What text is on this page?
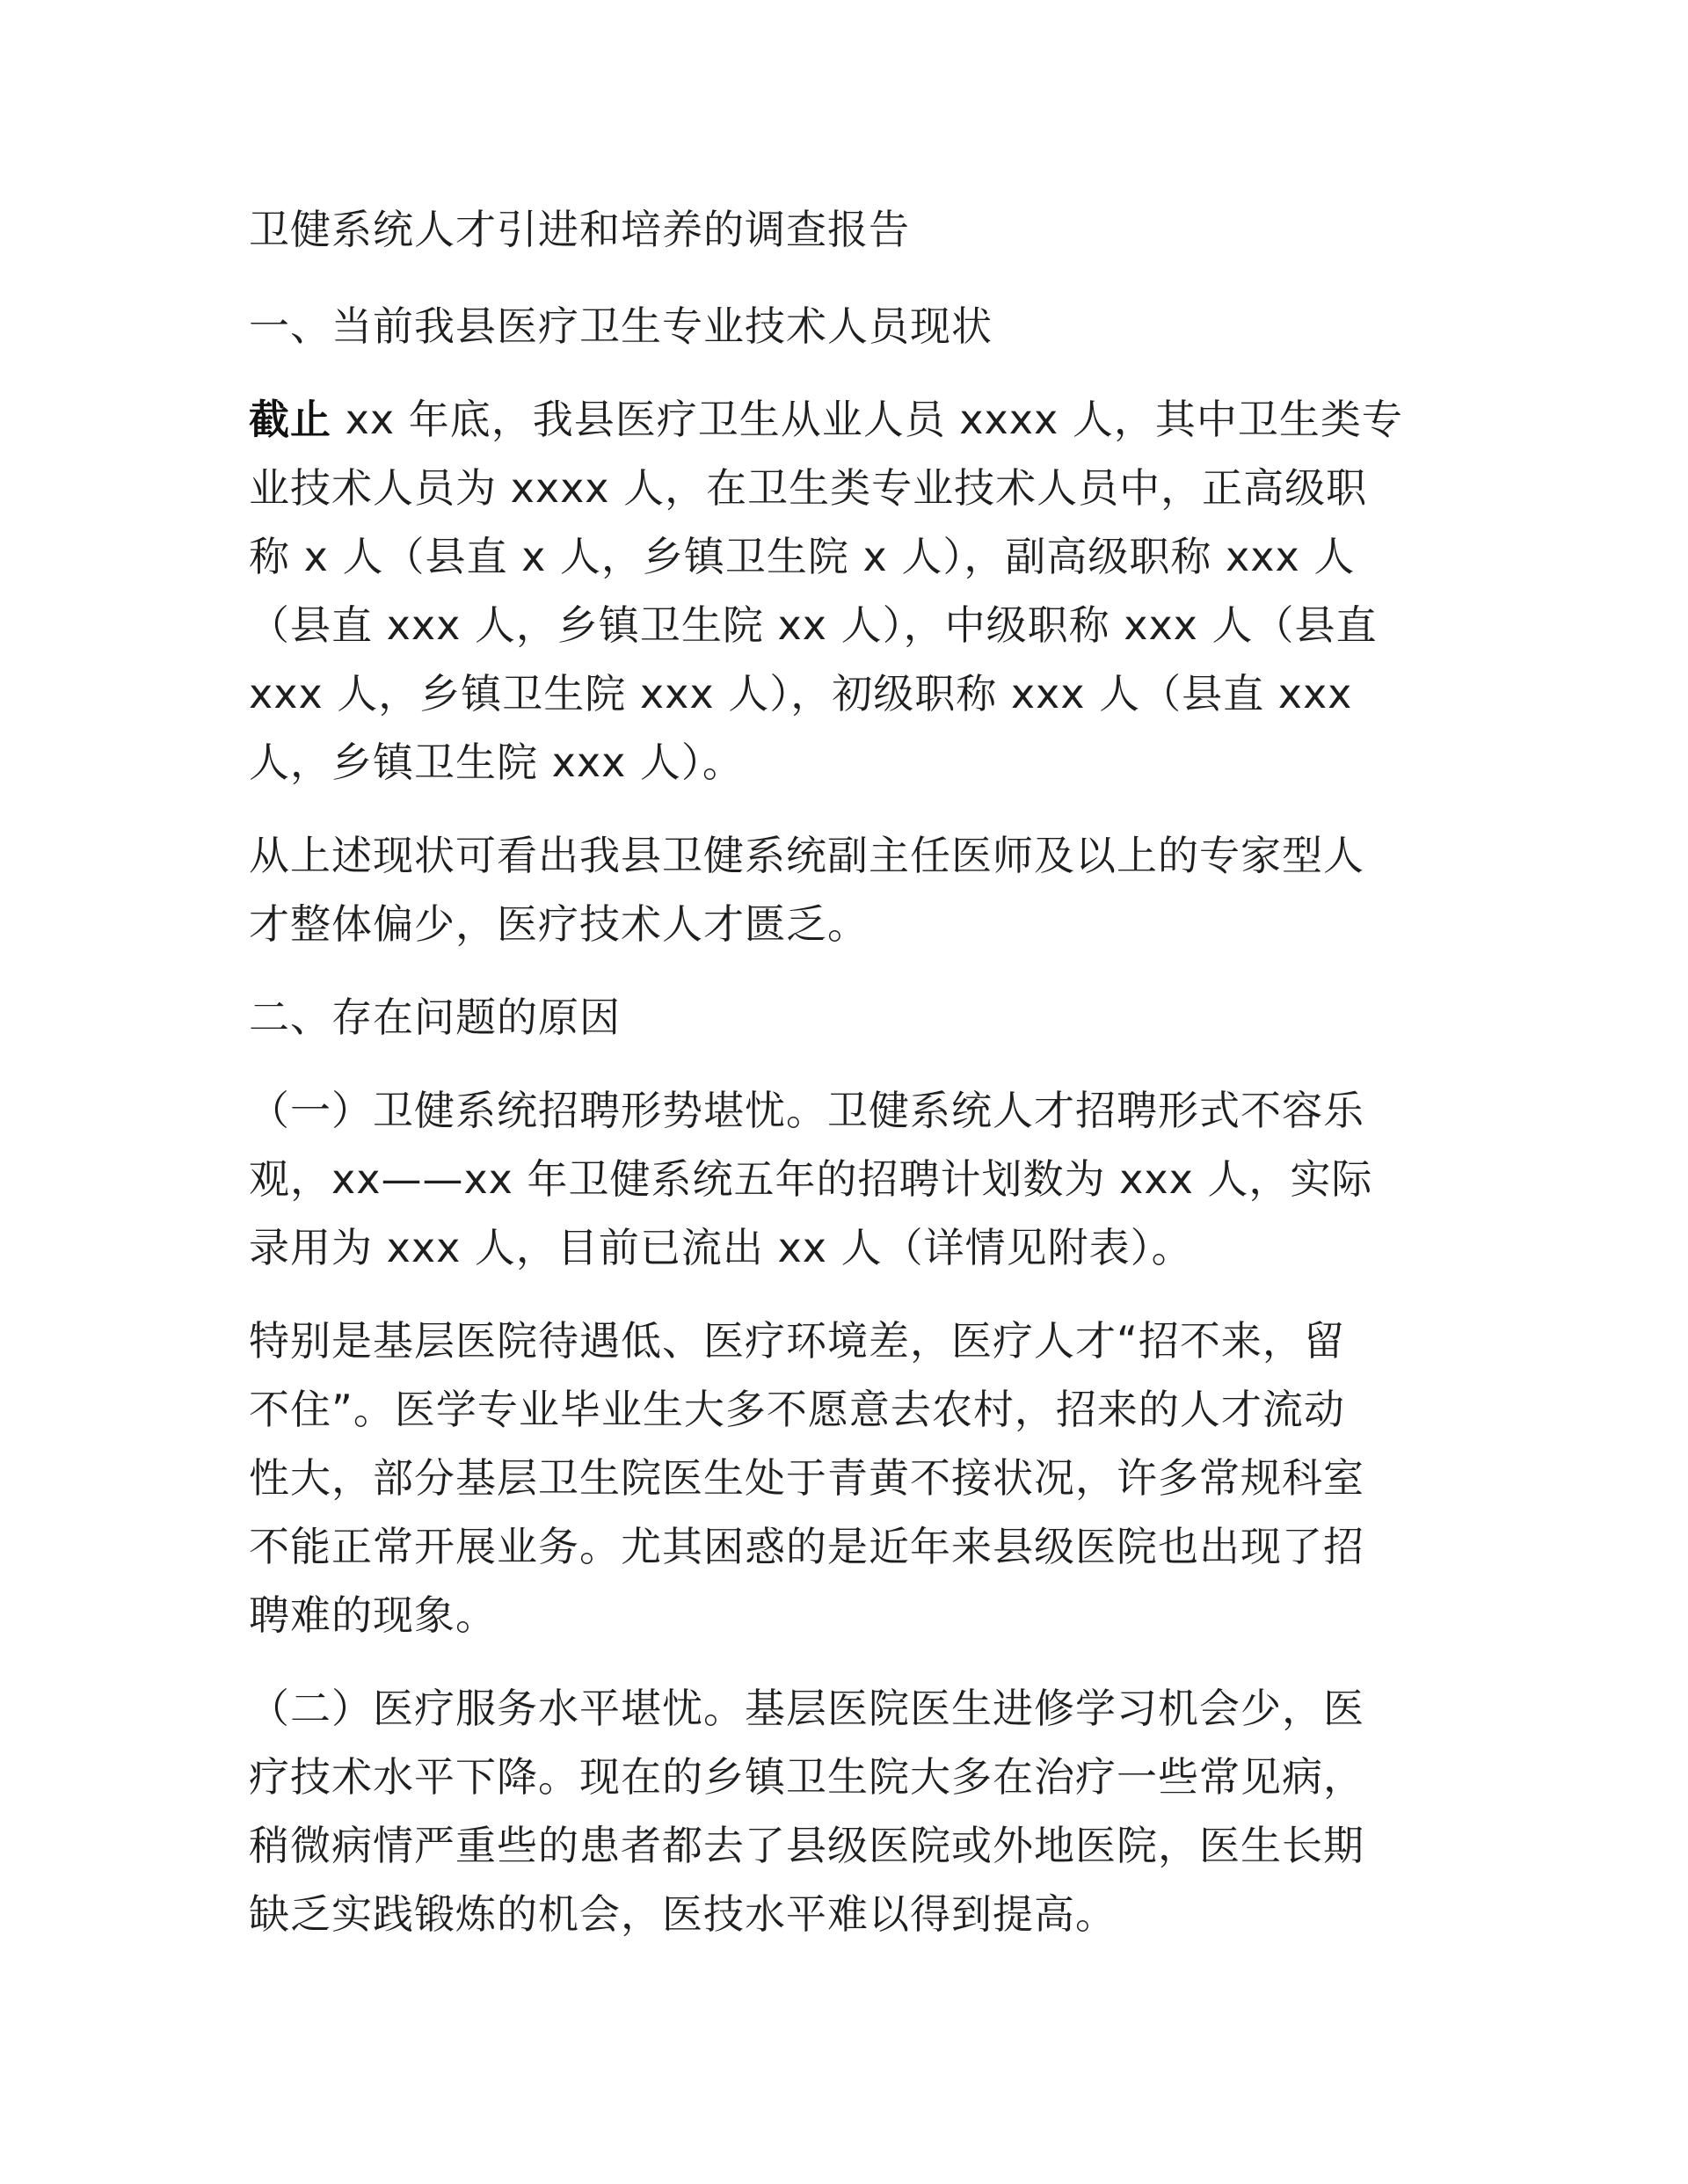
卫健系统人才引进和培养的调查报告

一、当前我县医疗卫生专业技术人员现状

截止 xx 年底，我县医疗卫生从业人员 xxxx 人，其中卫生类专
业技术人员为 xxxx 人，在卫生类专业技术人员中，正高级职
称 x 人（县直 x 人，乡镇卫生院 x 人），副高级职称 xxx 人
（县直 xxx 人，乡镇卫生院 xx 人），中级职称 xxx 人（县直
xxx 人，乡镇卫生院 xxx 人），初级职称 xxx 人（县直 xxx
人，乡镇卫生院 xxx 人）。

从上述现状可看出我县卫健系统副主任医师及以上的专家型人
才整体偏少，医疗技术人才匮乏。

二、存在问题的原因

（一）卫健系统招聘形势堪忧。卫健系统人才招聘形式不容乐
观，xx——xx 年卫健系统五年的招聘计划数为 xxx 人，实际
录用为 xxx 人，目前已流出 xx 人（详情见附表）。

特别是基层医院待遇低、医疗环境差，医疗人才“招不来，留
不住”。医学专业毕业生大多不愿意去农村，招来的人才流动
性大，部分基层卫生院医生处于青黄不接状况，许多常规科室
不能正常开展业务。尤其困惑的是近年来县级医院也出现了招
聘难的现象。

（二）医疗服务水平堪忧。基层医院医生进修学习机会少，医
疗技术水平下降。现在的乡镇卫生院大多在治疗一些常见病，
稍微病情严重些的患者都去了县级医院或外地医院，医生长期
缺乏实践锻炼的机会，医技水平难以得到提高。
